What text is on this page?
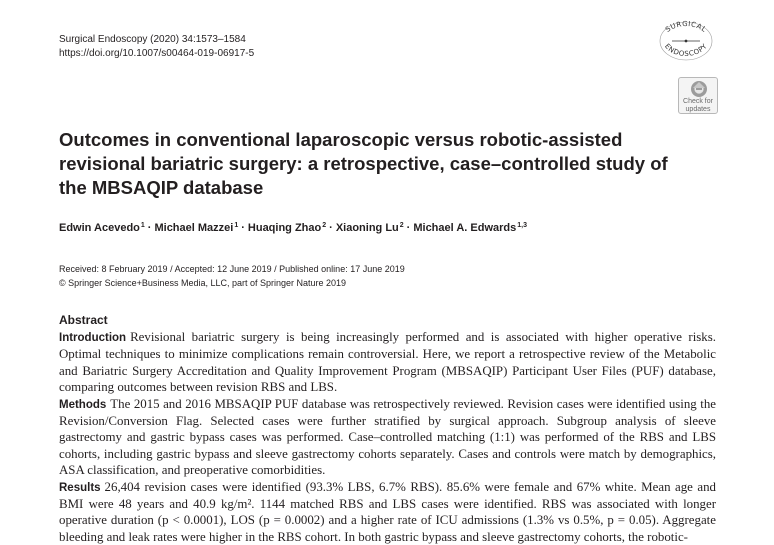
Surgical Endoscopy (2020) 34:1573–1584
https://doi.org/10.1007/s00464-019-06917-5
SURGICAL
ENDOSCOPY
Check for
updates
Outcomes in conventional laparoscopic versus robotic-assisted revisional bariatric surgery: a retrospective, case–controlled study of the MBSAQIP database
Edwin Acevedo$^1$ · Michael Mazzei$^1$ · Huaqing Zhao$^2$ · Xiaoning $Lu^2$ · Michael A. Edwards$^{1,3}$
Received: 8 February 2019 / Accepted: 12 June 2019 / Published online: 17 June 2019
© Springer Science+Business Media, LLC, part of Springer Nature 2019
Abstract

Introduction Revisional bariatric surgery is being increasingly performed and is associated with higher operative risks. Optimal techniques to minimize complications remain controversial. Here, we report a retrospective review of the Metabolic and Bariatric Surgery Accreditation and Quality Improvement Program (MBSAQIP) Participant User Files (PUF) database, comparing outcomes between revision RBS and LBS.

Methods The 2015 and 2016 MBSAQIP PUF database was retrospectively reviewed. Revision cases were identified using the Revision/Conversion Flag. Selected cases were further stratified by surgical approach. Subgroup analysis of sleeve gastrectomy and gastric bypass cases was performed. Case–controlled matching (1:1) was performed of the RBS and LBS cohorts, including gastric bypass and sleeve gastrectomy cohorts separately. Cases and controls were match by demographics, ASA classification, and preoperative comorbidities.

Results 26,404 revision cases were identified (93.3% LBS, 6.7% RBS). 85.6% were female and 67% white. Mean age and BMI were 48 years and 40.9 kg/m². 1144 matched RBS and LBS cases were identified. RBS was associated with longer operative duration (p < 0.0001), LOS (p = 0.0002) and a higher rate of ICU admissions (1.3% vs 0.5%, p = 0.05). Aggregate bleeding and leak rates were higher in the RBS cohort. In both gastric bypass and sleeve gastrectomy cohorts, the robotic-
